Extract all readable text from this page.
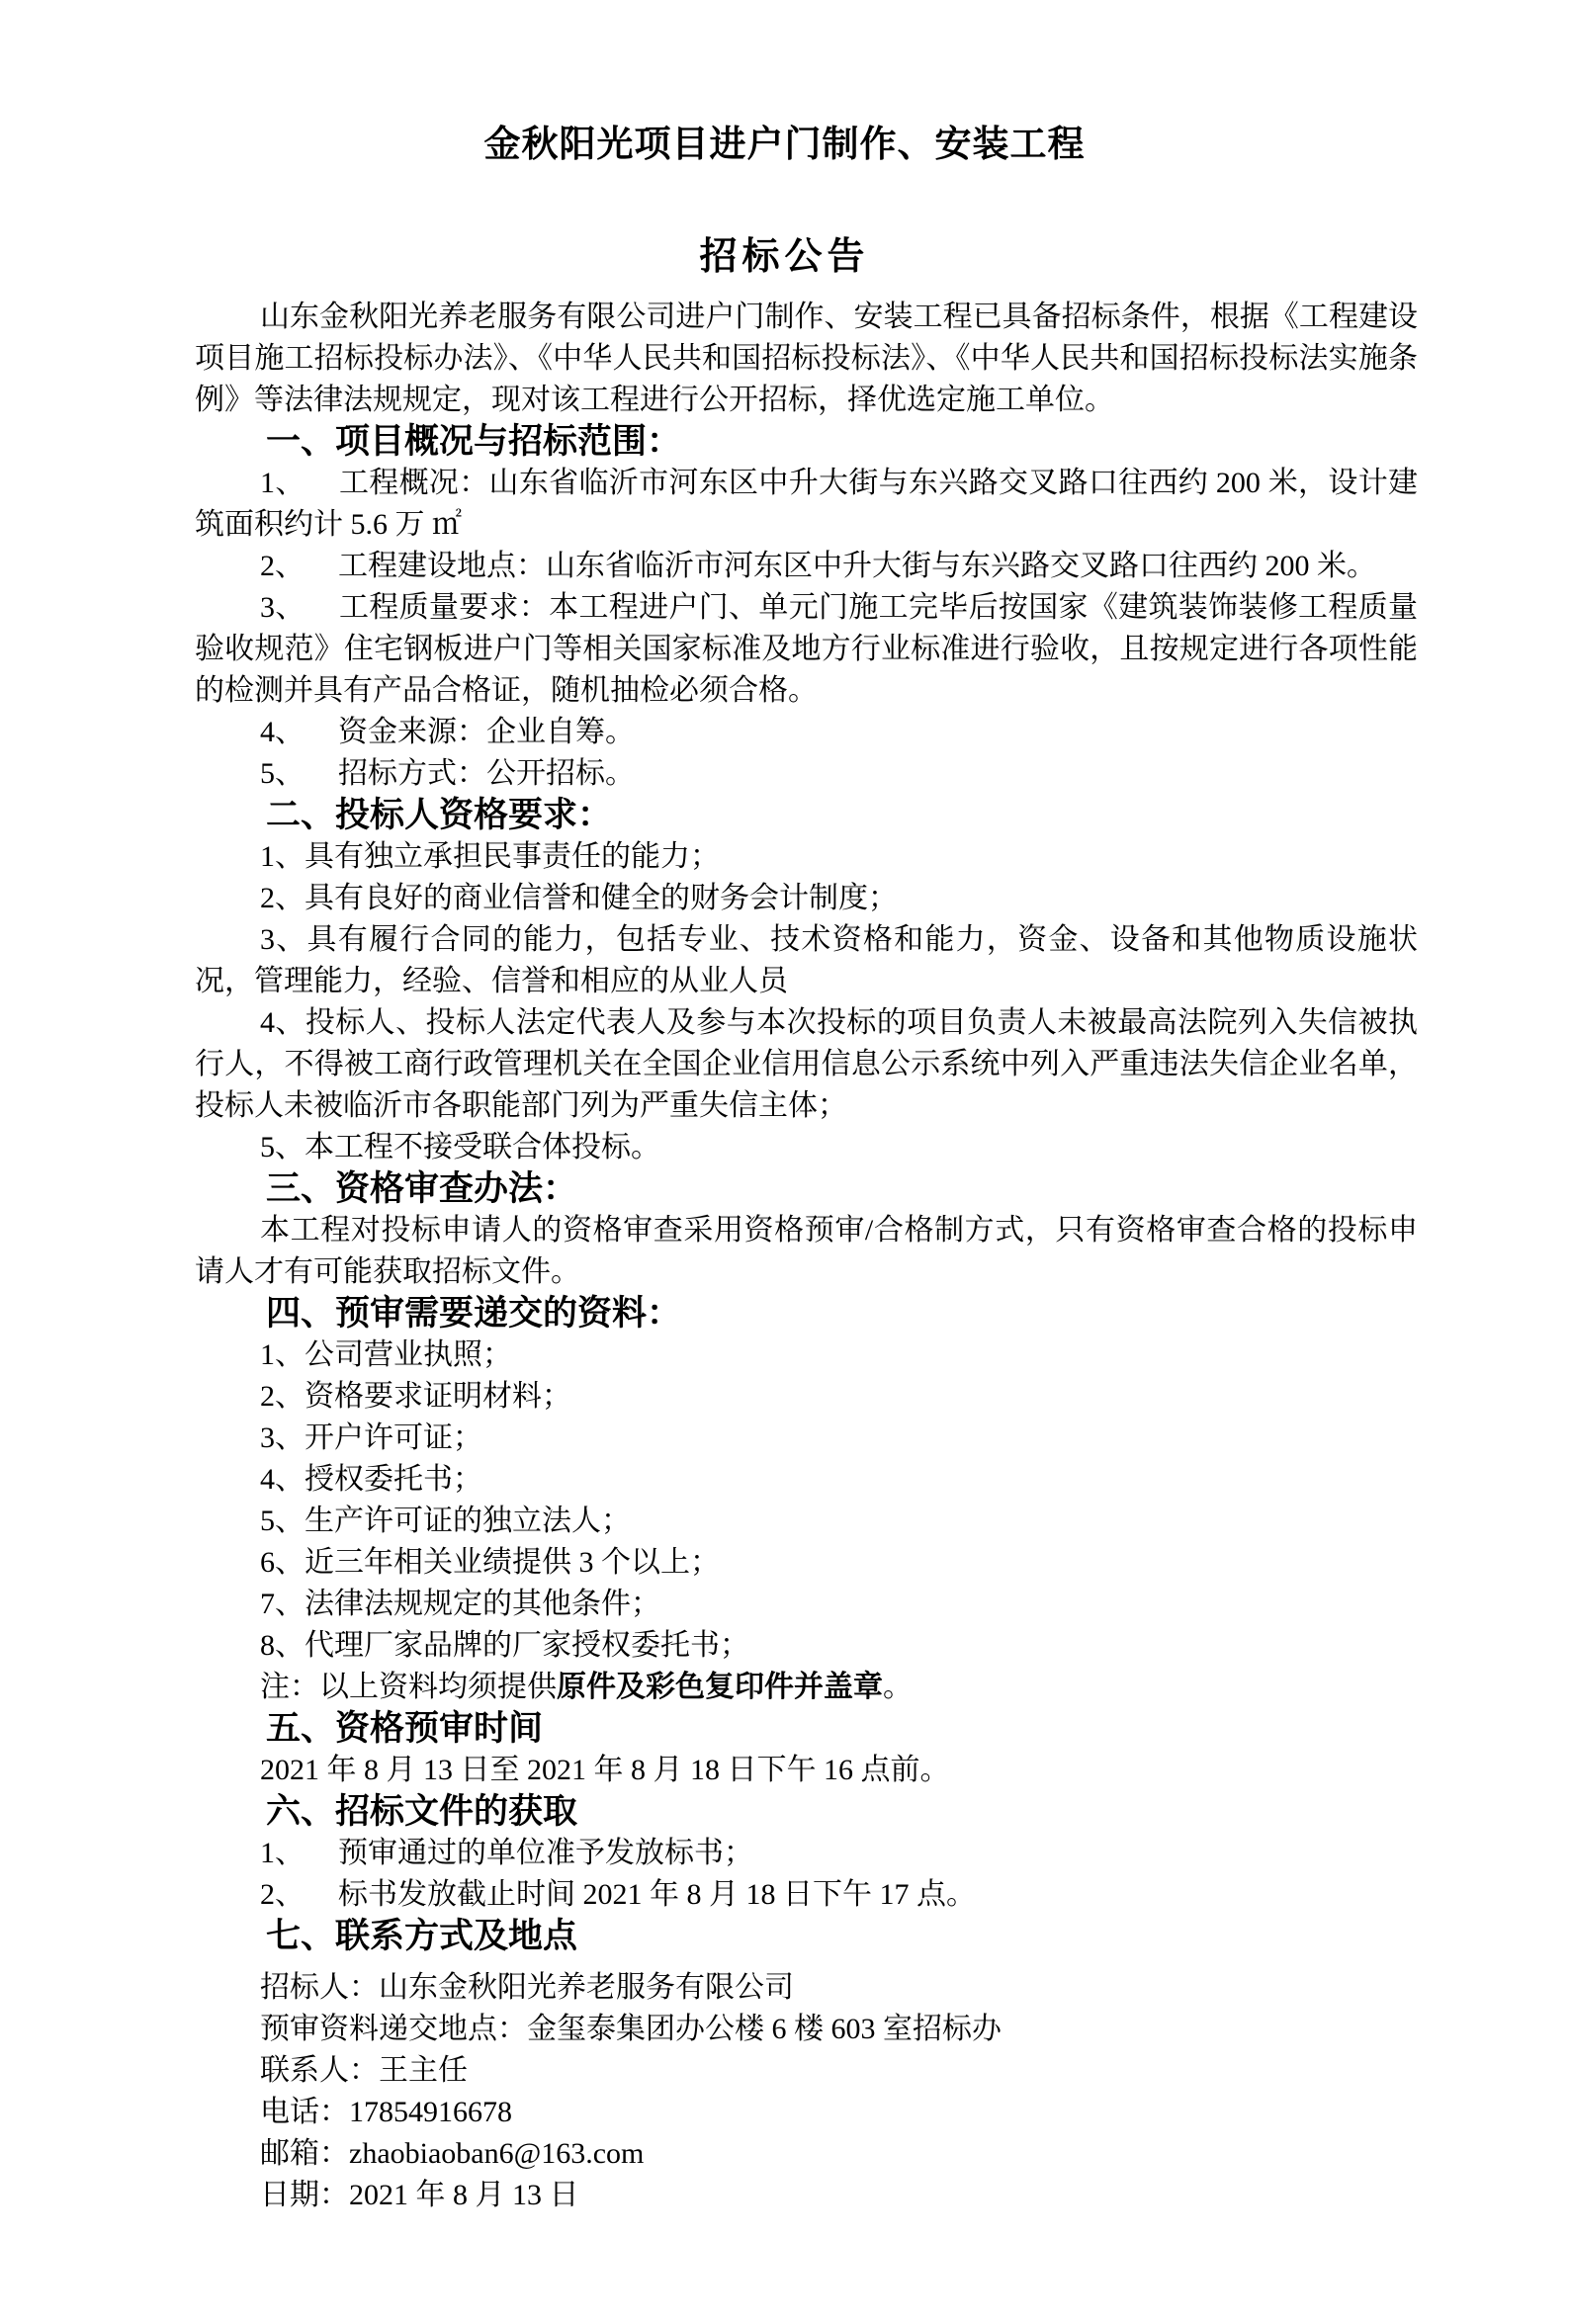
金秋阳光项目进户门制作、安装工程
招标公告

山东金秋阳光养老服务有限公司进户门制作、安装工程已具备招标条件，根据《工程建设项目施工招标投标办法》、《中华人民共和国招标投标法》、《中华人民共和国招标投标法实施条例》等法律法规规定，现对该工程进行公开招标，择优选定施工单位。

一、项目概况与招标范围：

1、 工程概况：山东省临沂市河东区中升大街与东兴路交叉路口往西约 200 米，设计建筑面积约计 5.6 万 ㎡

2、 工程建设地点：山东省临沂市河东区中升大街与东兴路交叉路口往西约 200 米。

3、 工程质量要求：本工程进户门、单元门施工完毕后按国家《建筑装饰装修工程质量验收规范》住宅钢板进户门等相关国家标准及地方行业标准进行验收，且按规定进行各项性能的检测并具有产品合格证，随机抽检必须合格。

4、 资金来源：企业自筹。

5、 招标方式：公开招标。

二、投标人资格要求：

1、具有独立承担民事责任的能力；

2、具有良好的商业信誉和健全的财务会计制度；

3、具有履行合同的能力，包括专业、技术资格和能力，资金、设备和其他物质设施状况，管理能力，经验、信誉和相应的从业人员

4、投标人、投标人法定代表人及参与本次投标的项目负责人未被最高法院列入失信被执行人，不得被工商行政管理机关在全国企业信用信息公示系统中列入严重违法失信企业名单，投标人未被临沂市各职能部门列为严重失信主体；

5、本工程不接受联合体投标。

三、资格审查办法：

本工程对投标申请人的资格审查采用资格预审/合格制方式，只有资格审查合格的投标申请人才有可能获取招标文件。

四、预审需要递交的资料：

1、公司营业执照；

2、资格要求证明材料；

3、开户许可证；

4、授权委托书；

5、生产许可证的独立法人；

6、近三年相关业绩提供 3 个以上；

7、法律法规规定的其他条件；

8、代理厂家品牌的厂家授权委托书；

注：以上资料均须提供原件及彩色复印件并盖章。

五、资格预审时间

2021 年 8 月 13 日至 2021 年 8 月 18 日下午 16 点前。

六、招标文件的获取

1、 预审通过的单位准予发放标书；

2、 标书发放截止时间 2021 年 8 月 18 日下午 17 点。

七、联系方式及地点

招标人：山东金秋阳光养老服务有限公司

预审资料递交地点：金玺泰集团办公楼 6 楼 603 室招标办

联系人：王主任

电话：17854916678

邮箱：zhaobiaoban6@163.com

日期：2021 年 8 月 13 日
